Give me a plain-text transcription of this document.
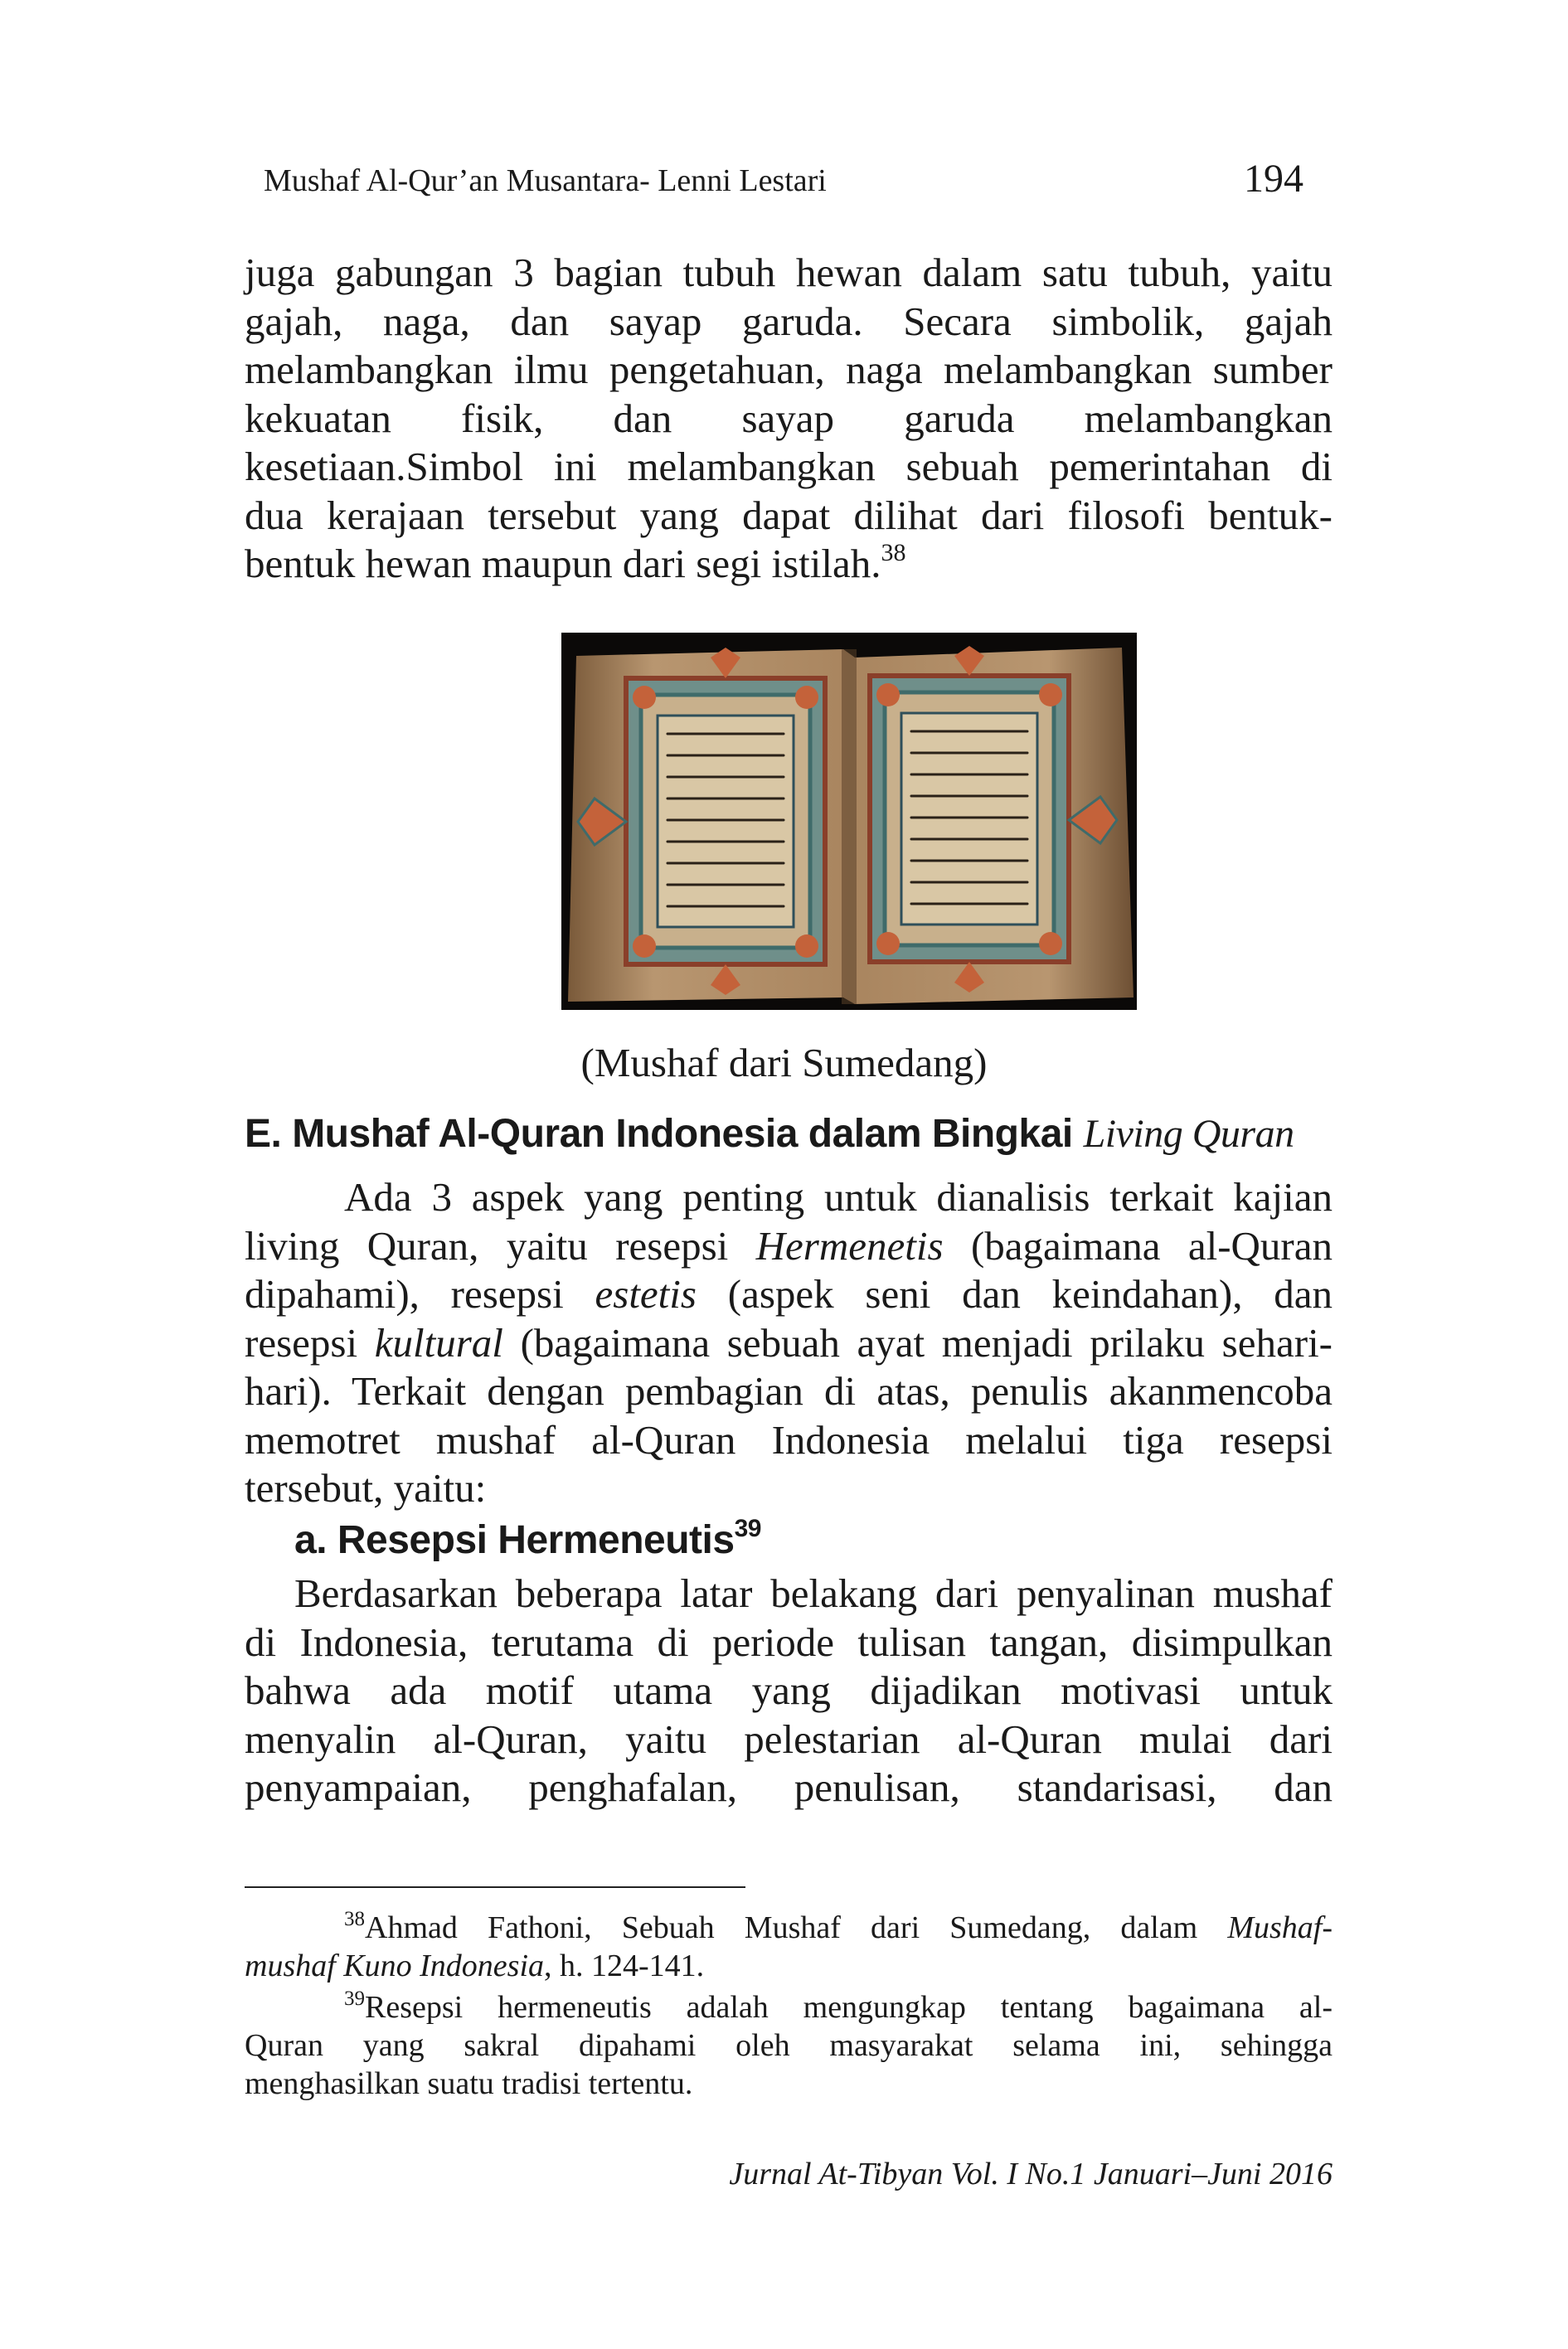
Mushaf Al-Qur’an Musantara- Lenni Lestari	194
juga gabungan 3 bagian tubuh hewan dalam satu tubuh, yaitu
gajah, naga, dan sayap garuda. Secara simbolik, gajah
melambangkan ilmu pengetahuan, naga melambangkan sumber
kekuatan fisik, dan sayap garuda melambangkan
kesetiaan.Simbol ini melambangkan sebuah pemerintahan di
dua kerajaan tersebut yang dapat dilihat dari filosofi bentuk-
bentuk hewan maupun dari segi istilah.$^{38}$
(Mushaf dari Sumedang)
E. Mushaf Al-Quran Indonesia dalam Bingkai Living Quran
Ada 3 aspek yang penting untuk dianalisis terkait kajian
living Quran, yaitu resepsi Hermenetis (bagaimana al-Quran
dipahami), resepsi estetis (aspek seni dan keindahan), dan
resepsi kultural (bagaimana sebuah ayat menjadi prilaku sehari-
hari). Terkait dengan pembagian di atas, penulis akanmencoba
memotret mushaf al-Quran Indonesia melalui tiga resepsi
tersebut, yaitu:
a. Resepsi Hermeneutis$^{39}$
Berdasarkan beberapa latar belakang dari penyalinan mushaf
di Indonesia, terutama di periode tulisan tangan, disimpulkan
bahwa ada motif utama yang dijadikan motivasi untuk
menyalin al-Quran, yaitu pelestarian al-Quran mulai dari
penyampaian, penghafalan, penulisan, standarisasi, dan
$^{38}$Ahmad Fathoni, Sebuah Mushaf dari Sumedang, dalam Mushaf-
mushaf Kuno Indonesia, h. 124-141.
$^{39}$Resepsi hermeneutis adalah mengungkap tentang bagaimana al-
Quran yang sakral dipahami oleh masyarakat selama ini, sehingga
menghasilkan suatu tradisi tertentu.
Jurnal At-Tibyan Vol. I No.1 Januari–Juni 2016
